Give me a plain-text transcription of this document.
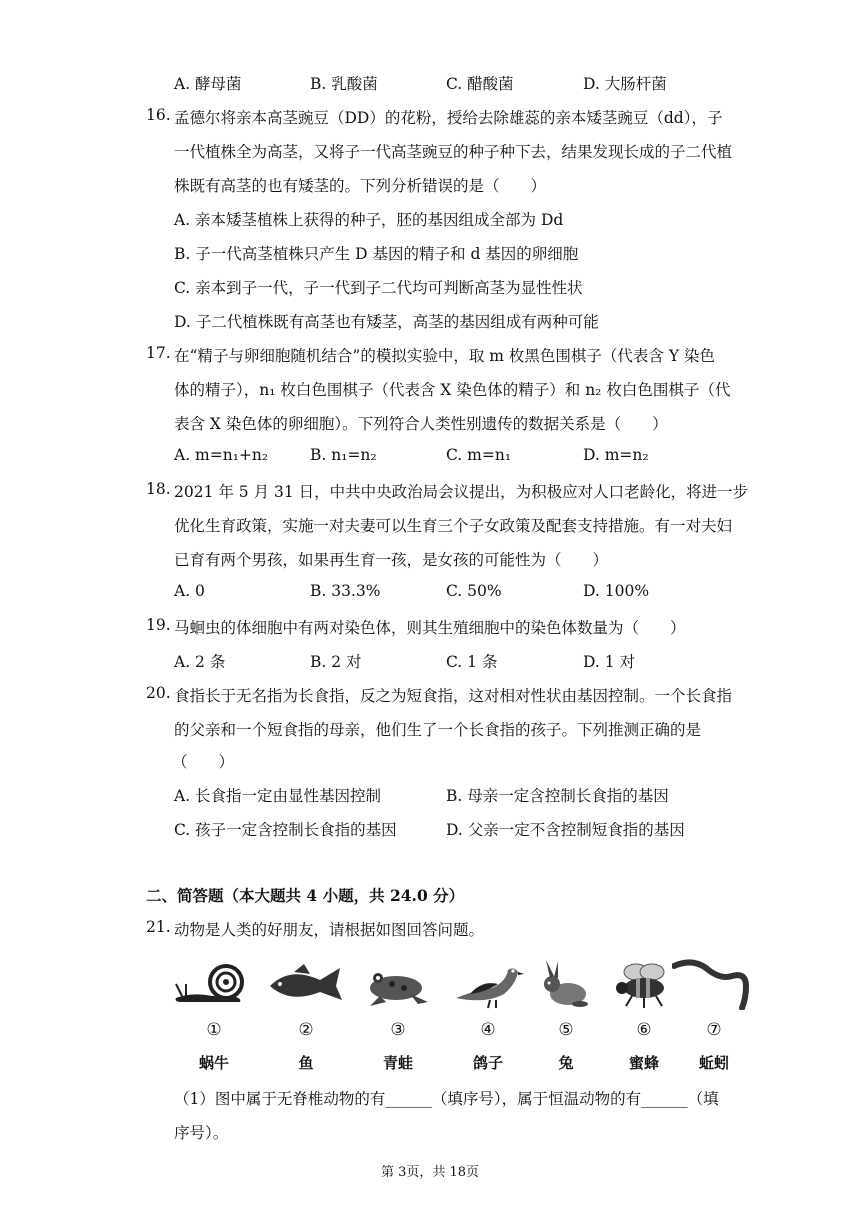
A. 酵母菌	B. 乳酸菌	C. 醋酸菌	D. 大肠杆菌
16. 孟德尔将亲本高茎豌豆（DD）的花粉，授给去除雄蕊的亲本矮茎豌豆（dd），子
一代植株全为高茎，又将子一代高茎豌豆的种子种下去，结果发现长成的子二代植
株既有高茎的也有矮茎的。下列分析错误的是（　　）
A. 亲本矮茎植株上获得的种子，胚的基因组成全部为 Dd
B. 子一代高茎植株只产生 D 基因的精子和 d 基因的卵细胞
C. 亲本到子一代，子一代到子二代均可判断高茎为显性性状
D. 子二代植株既有高茎也有矮茎，高茎的基因组成有两种可能
17. 在“精子与卵细胞随机结合”的模拟实验中，取 m 枚黑色围棋子（代表含 Y 染色
体的精子），n₁ 枚白色围棋子（代表含 X 染色体的精子）和 n₂ 枚白色围棋子（代
表含 X 染色体的卵细胞）。下列符合人类性别遗传的数据关系是（　　）
A. m=n₁+n₂	B. n₁=n₂	C. m=n₁	D. m=n₂
18. 2021 年 5 月 31 日，中共中央政治局会议提出，为积极应对人口老龄化，将进一步
优化生育政策，实施一对夫妻可以生育三个子女政策及配套支持措施。有一对夫妇
已育有两个男孩，如果再生育一孩，是女孩的可能性为（　　）
A. 0	B. 33.3%	C. 50%	D. 100%
19. 马蛔虫的体细胞中有两对染色体，则其生殖细胞中的染色体数量为（　　）
A. 2 条	B. 2 对	C. 1 条	D. 1 对
20. 食指长于无名指为长食指，反之为短食指，这对相对性状由基因控制。一个长食指
的父亲和一个短食指的母亲，他们生了一个长食指的孩子。下列推测正确的是
（　　）
A. 长食指一定由显性基因控制	B. 母亲一定含控制长食指的基因
C. 孩子一定含控制长食指的基因	D. 父亲一定不含控制短食指的基因
二、简答题（本大题共 4 小题，共 24.0 分）
21. 动物是人类的好朋友，请根据如图回答问题。
①
蜗牛
②
鱼
③
青蛙
④
鸽子
⑤
兔
⑥
蜜蜂
⑦
蚯蚓
（1）图中属于无脊椎动物的有______（填序号），属于恒温动物的有______（填
序号）。
第 3页，共 18页
